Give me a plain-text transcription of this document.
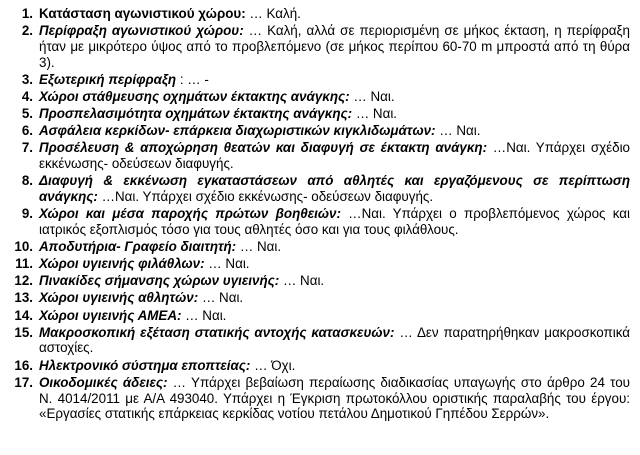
1. Κατάσταση αγωνιστικού χώρου: … Καλή.
2. Περίφραξη αγωνιστικού χώρου: … Καλή, αλλά σε περιορισμένη σε μήκος έκταση, η περίφραξη ήταν με μικρότερο ύψος από το προβλεπόμενο (σε μήκος περίπου 60-70 m μπροστά από τη θύρα 3).
3. Εξωτερική περίφραξη : … -
4. Χώροι στάθμευσης οχημάτων έκτακτης ανάγκης: … Ναι.
5. Προσπελασιμότητα οχημάτων έκτακτης ανάγκης: … Ναι.
6. Ασφάλεια κερκίδων- επάρκεια διαχωριστικών κιγκλιδωμάτων: … Ναι.
7. Προσέλευση & αποχώρηση θεατών και διαφυγή σε έκτακτη ανάγκη: …Ναι. Υπάρχει σχέδιο εκκένωσης- οδεύσεων διαφυγής.
8. Διαφυγή & εκκένωση εγκαταστάσεων από αθλητές και εργαζόμενους σε περίπτωση ανάγκης: …Ναι. Υπάρχει σχέδιο εκκένωσης- οδεύσεων διαφυγής.
9. Χώροι και μέσα παροχής πρώτων βοηθειών: …Ναι. Υπάρχει ο προβλεπόμενος χώρος και ιατρικός εξοπλισμός τόσο για τους αθλητές όσο και για τους φιλάθλους.
10. Αποδυτήρια- Γραφείο διαιτητή: … Ναι.
11. Χώροι υγιεινής φιλάθλων: … Ναι.
12. Πινακίδες σήμανσης χώρων υγιεινής: … Ναι.
13. Χώροι υγιεινής αθλητών: … Ναι.
14. Χώροι υγιεινής ΑΜΕΑ: … Ναι.
15. Μακροσκοπική εξέταση στατικής αντοχής κατασκευών: … Δεν παρατηρήθηκαν μακροσκοπικά αστοχίες.
16. Ηλεκτρονικό σύστημα εποπτείας: … Όχι.
17. Οικοδομικές άδειες: … Υπάρχει βεβαίωση περαίωσης διαδικασίας υπαγωγής στο άρθρο 24 του Ν. 4014/2011 με Α/Α 493040. Υπάρχει η Έγκριση πρωτοκόλλου οριστικής παραλαβής του έργου: «Εργασίες στατικής επάρκειας κερκίδας νοτίου πετάλου Δημοτικού Γηπέδου Σερρών».
